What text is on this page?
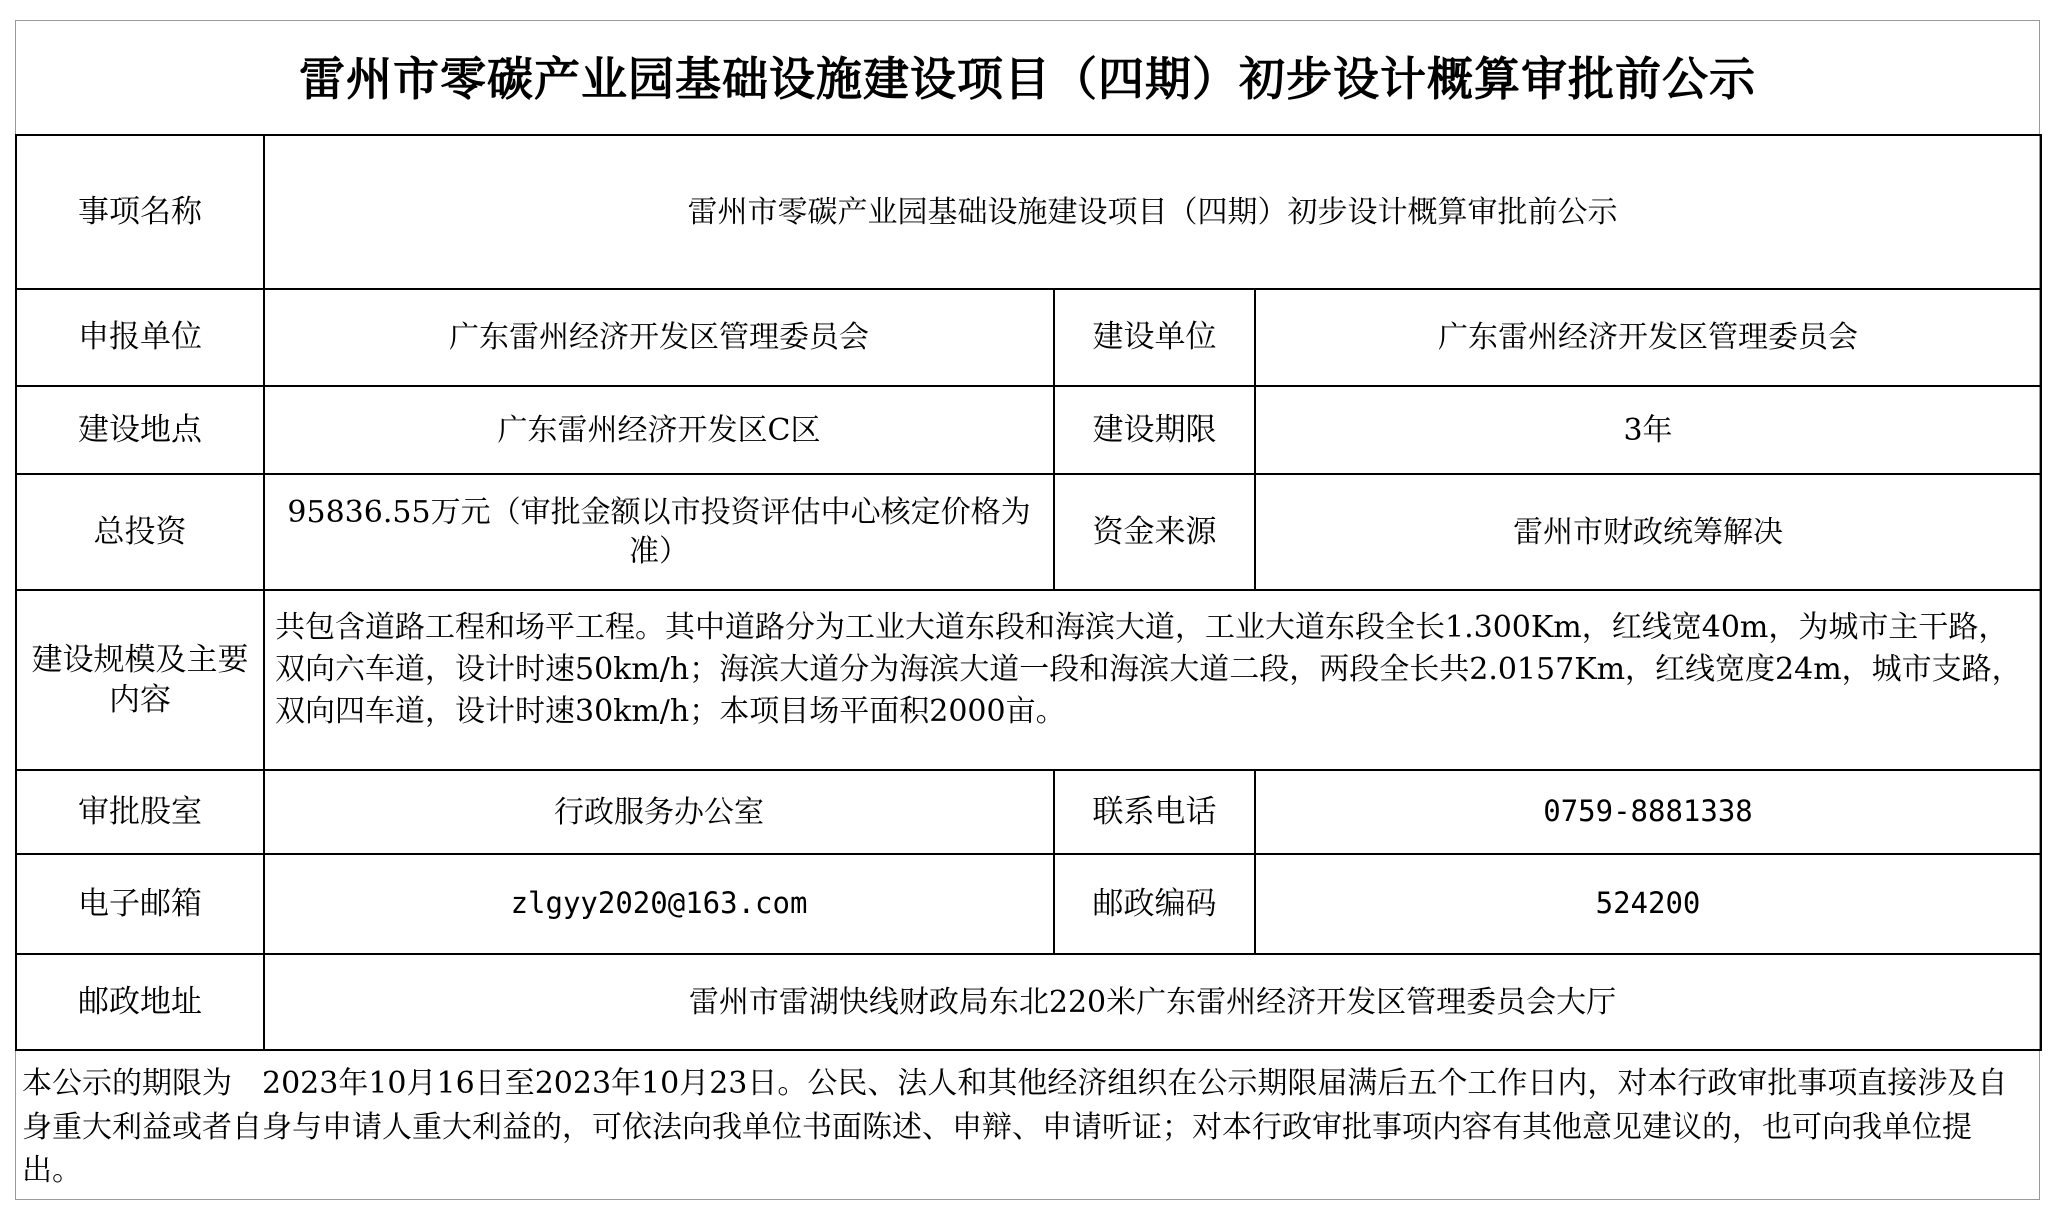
雷州市零碳产业园基础设施建设项目（四期）初步设计概算审批前公示
事项名称	雷州市零碳产业园基础设施建设项目（四期）初步设计概算审批前公示		
申报单位	广东雷州经济开发区管理委员会	建设单位	广东雷州经济开发区管理委员会
建设地点	广东雷州经济开发区C区	建设期限	3年
总投资	95836.55万元（审批金额以市投资评估中心核定价格为准）	资金来源	雷州市财政统筹解决
建设规模及主要内容	共包含道路工程和场平工程。其中道路分为工业大道东段和海滨大道，工业大道东段全长1.300Km，红线宽40m，为城市主干路，双向六车道，设计时速50km/h；海滨大道分为海滨大道一段和海滨大道二段，两段全长共2.0157Km，红线宽度24m，城市支路，双向四车道，设计时速30km/h；本项目场平面积2000亩。		
审批股室	行政服务办公室	联系电话	0759-8881338
电子邮箱	zlgyy2020@163.com	邮政编码	524200
邮政地址	雷州市雷湖快线财政局东北220米广东雷州经济开发区管理委员会大厅		
本公示的期限为　2023年10月16日至2023年10月23日。公民、法人和其他经济组织在公示期限届满后五个工作日内，对本行政审批事项直接涉及自身重大利益或者自身与申请人重大利益的，可依法向我单位书面陈述、申辩、申请听证；对本行政审批事项内容有其他意见建议的，也可向我单位提出。
